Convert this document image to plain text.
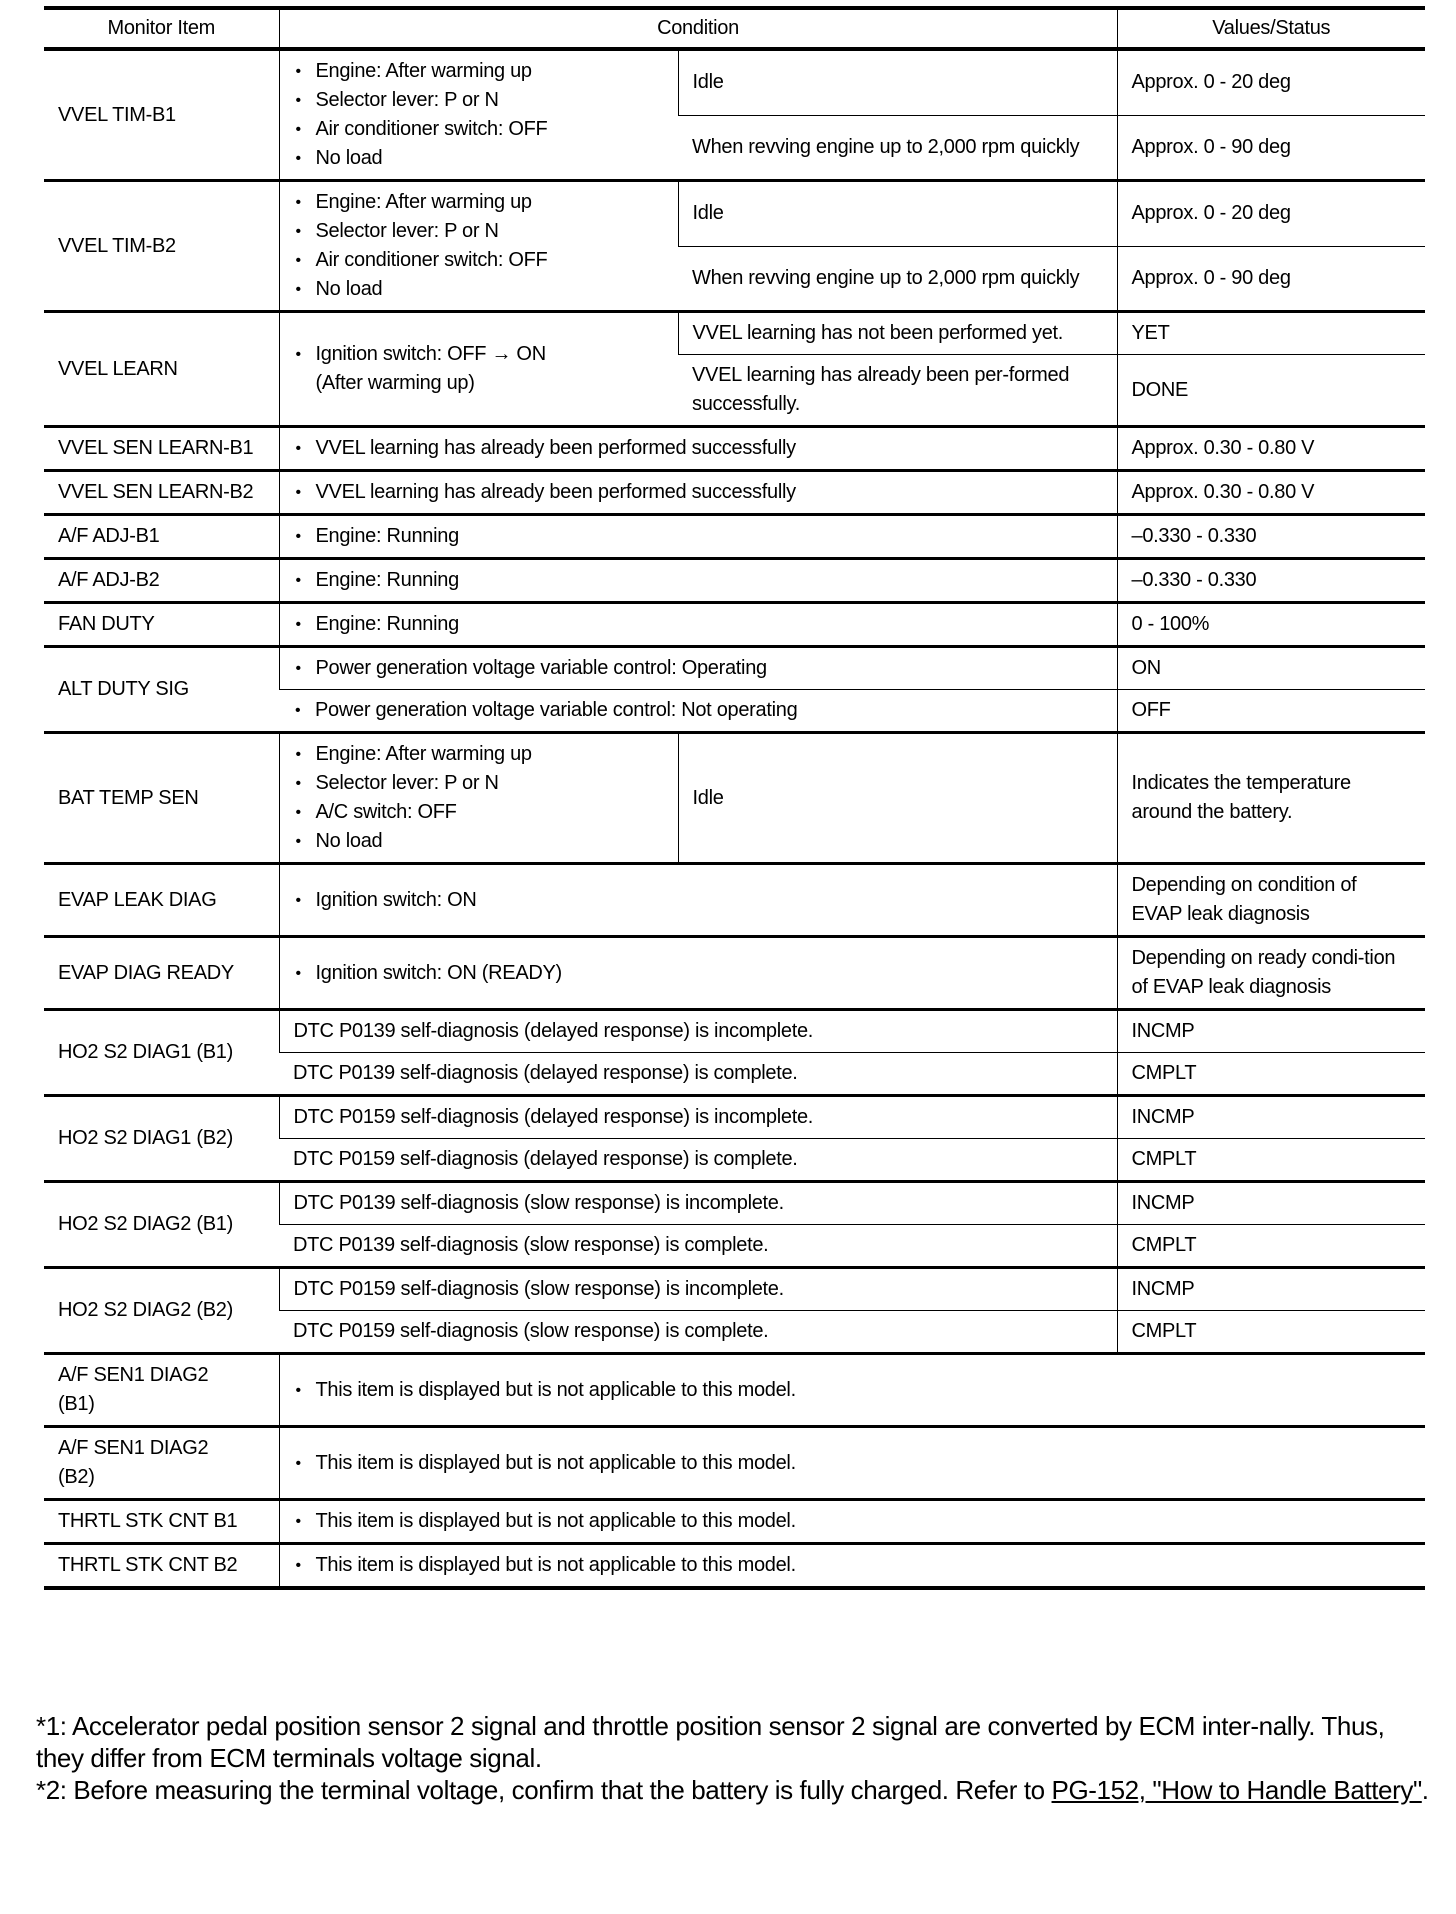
Monitor Item	Condition		Values/Status
VVEL TIM-B1	• Engine: After warming up
• Selector lever: P or N
• Air conditioner switch: OFF
• No load	Idle	Approx. 0 - 20 deg
		When revving engine up to 2,000 rpm quickly	Approx. 0 - 90 deg
VVEL TIM-B2	• Engine: After warming up
• Selector lever: P or N
• Air conditioner switch: OFF
• No load	Idle	Approx. 0 - 20 deg
		When revving engine up to 2,000 rpm quickly	Approx. 0 - 90 deg
VVEL LEARN	• Ignition switch: OFF → ON
(After warming up)	VVEL learning has not been performed yet.	YET
		VVEL learning has already been per-formed successfully.	DONE
VVEL SEN LEARN-B1	• VVEL learning has already been performed successfully		Approx. 0.30 - 0.80 V
VVEL SEN LEARN-B2	• VVEL learning has already been performed successfully		Approx. 0.30 - 0.80 V
A/F ADJ-B1	• Engine: Running		–0.330 - 0.330
A/F ADJ-B2	• Engine: Running		–0.330 - 0.330
FAN DUTY	• Engine: Running		0 - 100%
ALT DUTY SIG	• Power generation voltage variable control: Operating		ON

	• Power generation voltage variable control: Not operating		OFF
BAT TEMP SEN	• Engine: After warming up
• Selector lever: P or N
• A/C switch: OFF
• No load	Idle	Indicates the temperature around the battery.
EVAP LEAK DIAG	• Ignition switch: ON		Depending on condition of EVAP leak diagnosis
EVAP DIAG READY	• Ignition switch: ON (READY)		Depending on ready condi-tion of EVAP leak diagnosis
HO2 S2 DIAG1 (B1)	DTC P0139 self-diagnosis (delayed response) is incomplete.		INCMP

	DTC P0139 self-diagnosis (delayed response) is complete.		CMPLT
HO2 S2 DIAG1 (B2)	DTC P0159 self-diagnosis (delayed response) is incomplete.		INCMP

	DTC P0159 self-diagnosis (delayed response) is complete.		CMPLT
HO2 S2 DIAG2 (B1)	DTC P0139 self-diagnosis (slow response) is incomplete.		INCMP

	DTC P0139 self-diagnosis (slow response) is complete.		CMPLT
HO2 S2 DIAG2 (B2)	DTC P0159 self-diagnosis (slow response) is incomplete.		INCMP

	DTC P0159 self-diagnosis (slow response) is complete.		CMPLT
A/F SEN1 DIAG2 (B1)	• This item is displayed but is not applicable to this model.

A/F SEN1 DIAG2 (B2)	• This item is displayed but is not applicable to this model.

THRTL STK CNT B1	• This item is displayed but is not applicable to this model.

THRTL STK CNT B2	• This item is displayed but is not applicable to this model.
*1: Accelerator pedal position sensor 2 signal and throttle position sensor 2 signal are converted by ECM inter-nally. Thus, they differ from ECM terminals voltage signal.
*2: Before measuring the terminal voltage, confirm that the battery is fully charged. Refer to PG-152, "How to Handle Battery".
